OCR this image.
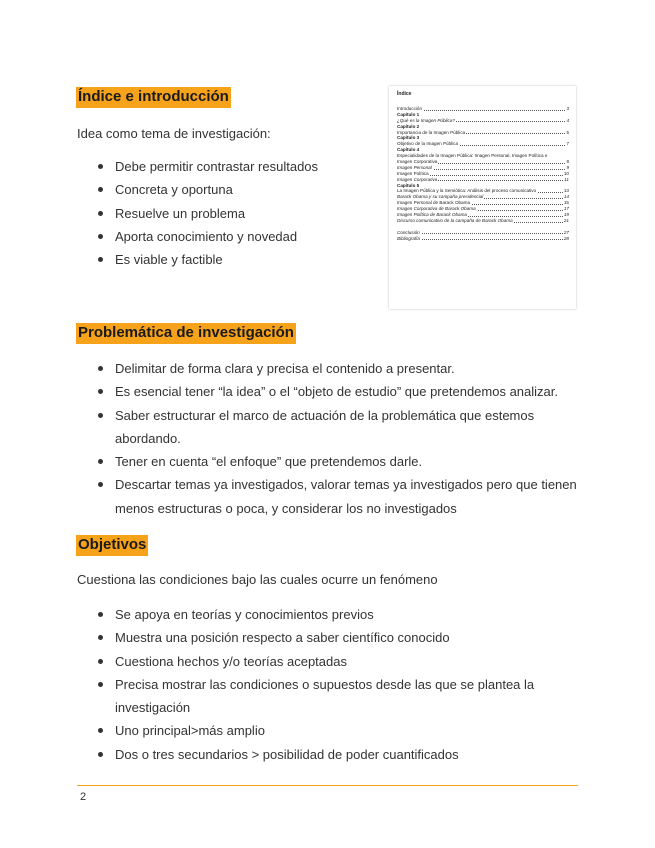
Índice e introducción

Idea como tema de investigación:

Debe permitir contrastar resultados
Concreta y oportuna
Resuelve un problema
Aporta conocimiento y novedad
Es viable y factible
Índice
Introducción	3
Capítulo 1
¿Qué es la Imagen Pública?	4
Capítulo 2
Importancia de la Imagen Pública	5
Capítulo 3
Objetivo de la Imagen Pública	7
Capítulo 4
Especialidades de la Imagen Pública: Imagen Personal, Imagen Política e
Imagen Corporativa	8
Imagen Personal	9
Imagen Política	10
Imagen Corporativa	11
Capítulo 5
La Imagen Pública y la Semiótica: Análisis del proceso comunicativo	13
Barack Obama y su campaña presidencial	14
Imagen Personal de Barack Obama	15
Imagen Corporativa de Barack Obama	17
Imagen Política de Barack Obama	19
Discurso comunicativo de la campaña de Barack Obama	21
Conclusión	27
Bibliografía	28
Problemática de investigación
Delimitar de forma clara y precisa el contenido a presentar.
Es esencial tener “la idea” o el “objeto de estudio” que pretendemos analizar.
Saber estructurar el marco de actuación de la problemática que estemos abordando.
Tener en cuenta “el enfoque” que pretendemos darle.
Descartar temas ya investigados, valorar temas ya investigados pero que tienen menos estructuras o poca, y considerar los no investigados
Objetivos

Cuestiona las condiciones bajo las cuales ocurre un fenómeno

Se apoya en teorías y conocimientos previos
Muestra una posición respecto a saber científico conocido
Cuestiona hechos y/o teorías aceptadas
Precisa mostrar las condiciones o supuestos desde las que se plantea la investigación
Uno principal>más amplio
Dos o tres secundarios > posibilidad de poder cuantificados
2
